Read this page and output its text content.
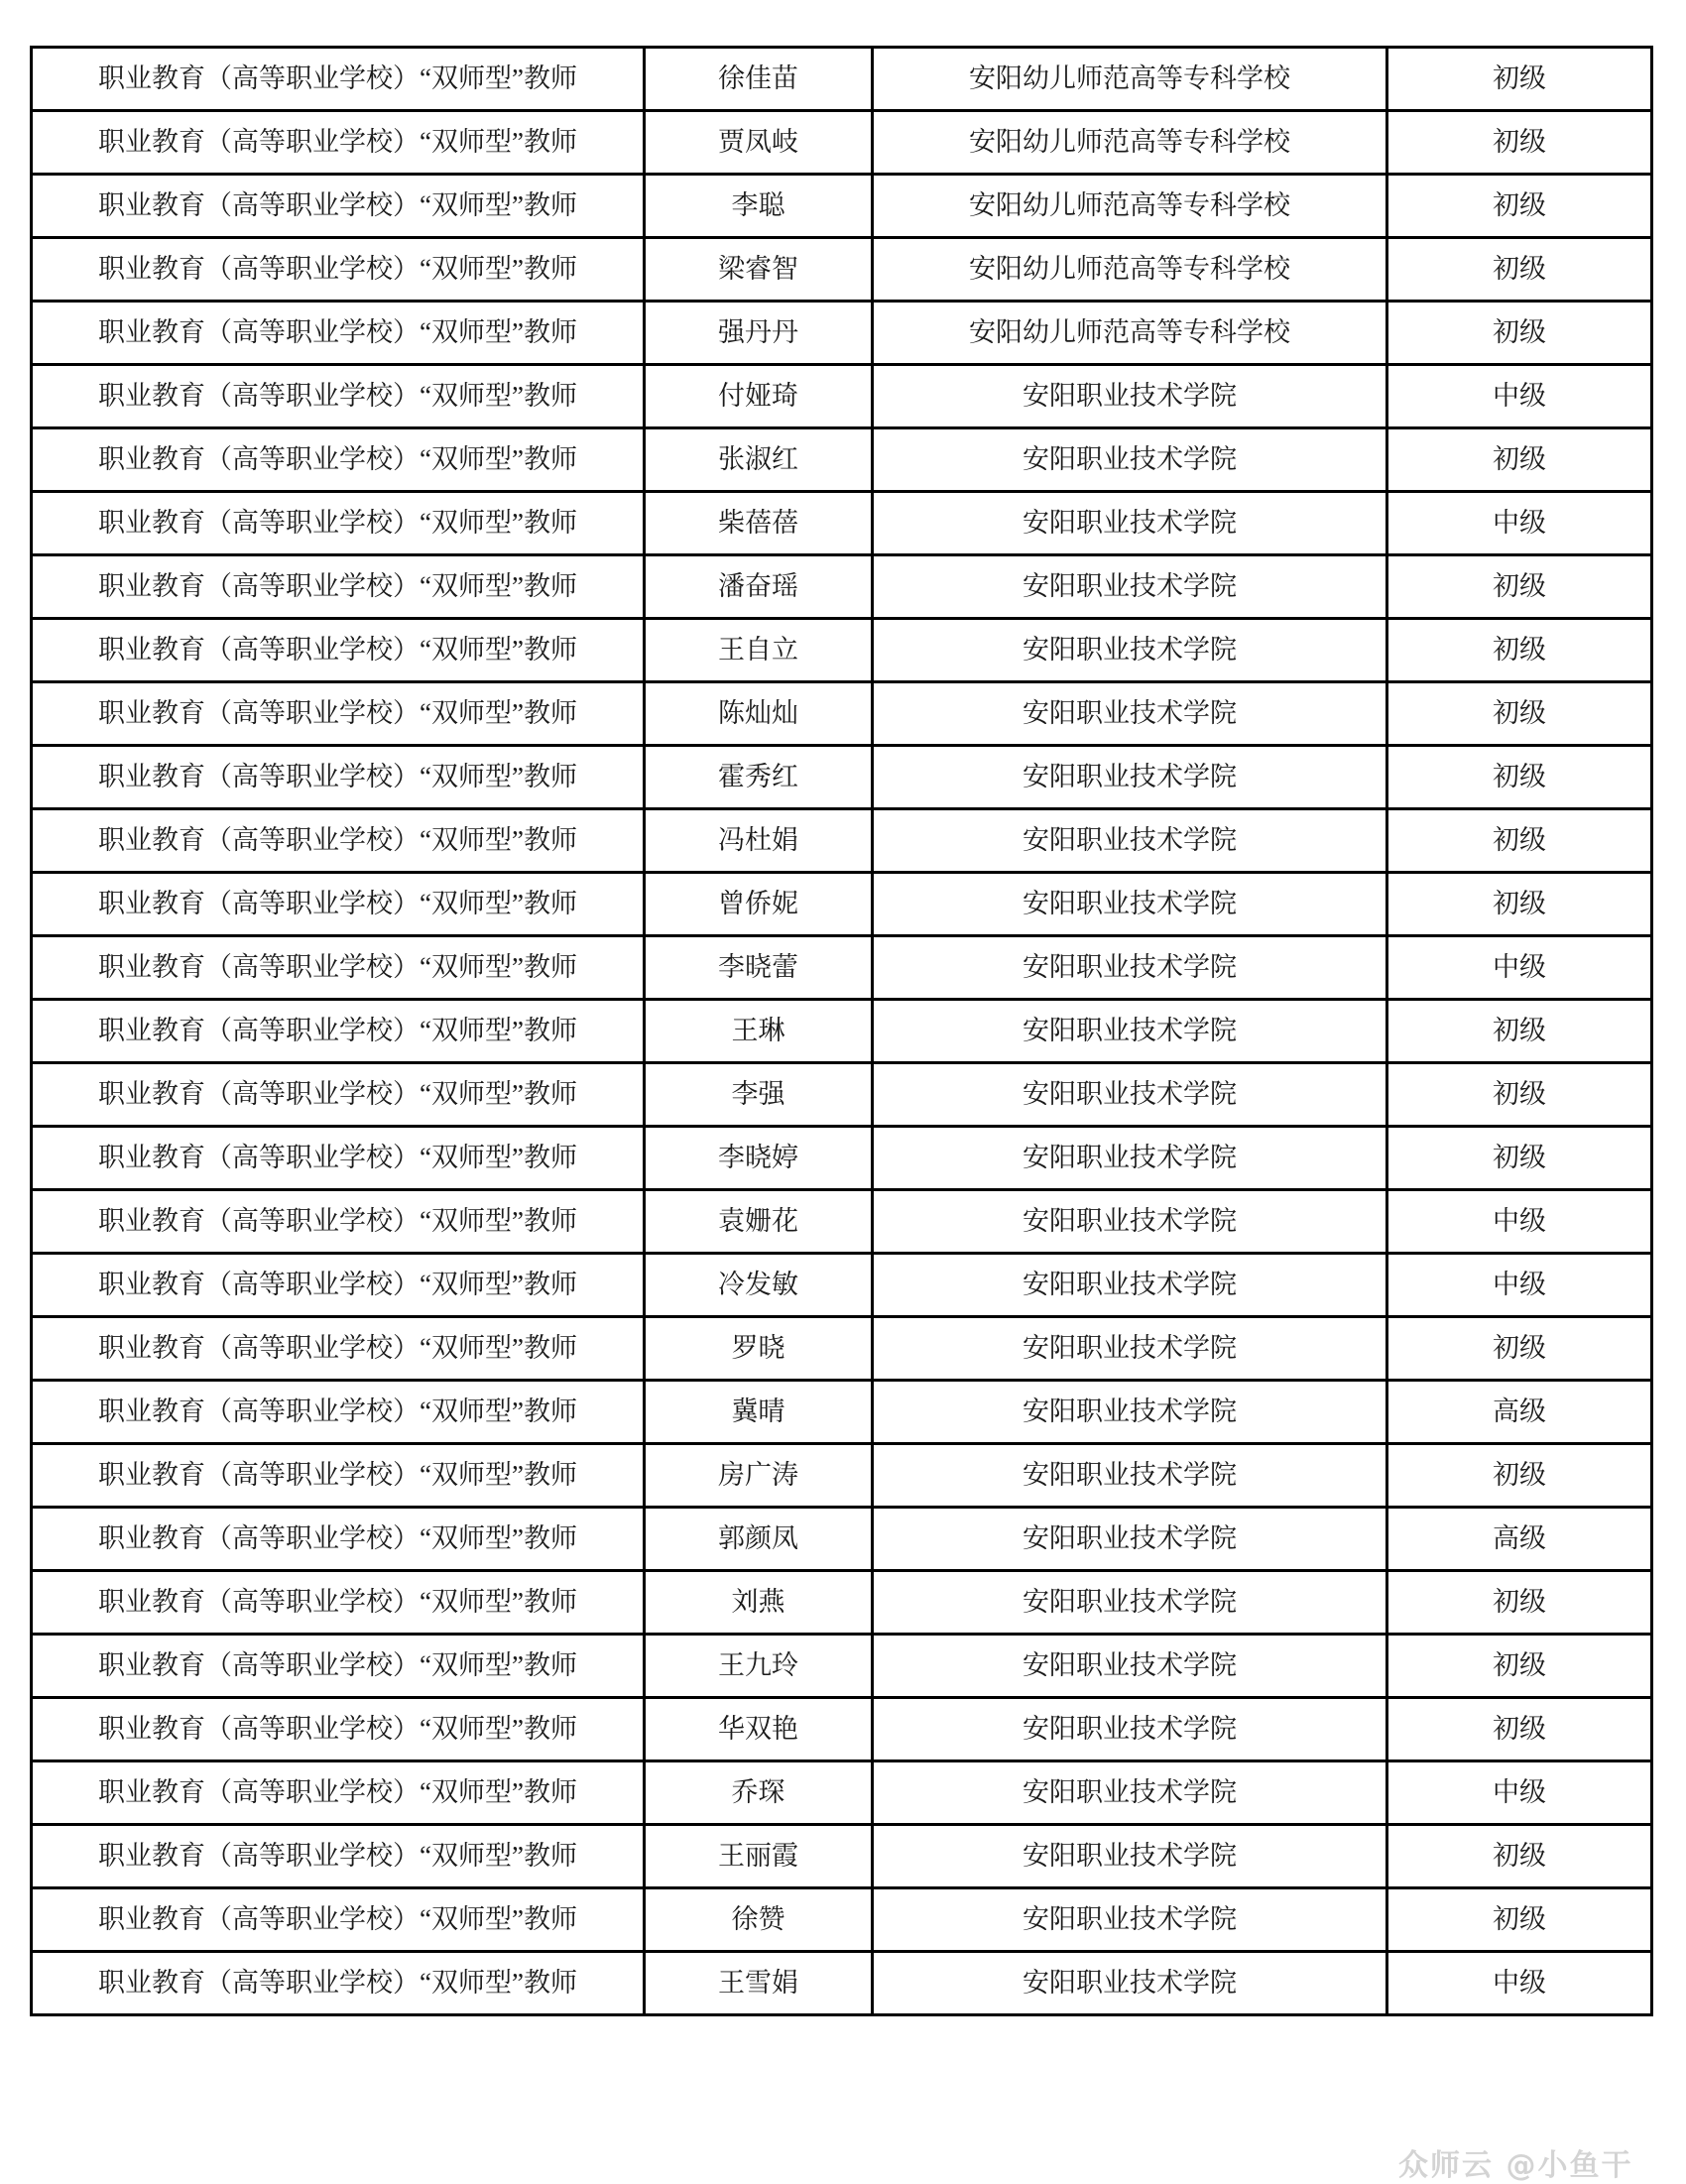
职业教育（高等职业学校）“双师型”教师	徐佳苗	安阳幼儿师范高等专科学校	初级
职业教育（高等职业学校）“双师型”教师	贾凤岐	安阳幼儿师范高等专科学校	初级
职业教育（高等职业学校）“双师型”教师	李聪	安阳幼儿师范高等专科学校	初级
职业教育（高等职业学校）“双师型”教师	梁睿智	安阳幼儿师范高等专科学校	初级
职业教育（高等职业学校）“双师型”教师	强丹丹	安阳幼儿师范高等专科学校	初级
职业教育（高等职业学校）“双师型”教师	付娅琦	安阳职业技术学院	中级
职业教育（高等职业学校）“双师型”教师	张淑红	安阳职业技术学院	初级
职业教育（高等职业学校）“双师型”教师	柴蓓蓓	安阳职业技术学院	中级
职业教育（高等职业学校）“双师型”教师	潘奋瑶	安阳职业技术学院	初级
职业教育（高等职业学校）“双师型”教师	王自立	安阳职业技术学院	初级
职业教育（高等职业学校）“双师型”教师	陈灿灿	安阳职业技术学院	初级
职业教育（高等职业学校）“双师型”教师	霍秀红	安阳职业技术学院	初级
职业教育（高等职业学校）“双师型”教师	冯杜娟	安阳职业技术学院	初级
职业教育（高等职业学校）“双师型”教师	曾侨妮	安阳职业技术学院	初级
职业教育（高等职业学校）“双师型”教师	李晓蕾	安阳职业技术学院	中级
职业教育（高等职业学校）“双师型”教师	王琳	安阳职业技术学院	初级
职业教育（高等职业学校）“双师型”教师	李强	安阳职业技术学院	初级
职业教育（高等职业学校）“双师型”教师	李晓婷	安阳职业技术学院	初级
职业教育（高等职业学校）“双师型”教师	袁姗花	安阳职业技术学院	中级
职业教育（高等职业学校）“双师型”教师	冷发敏	安阳职业技术学院	中级
职业教育（高等职业学校）“双师型”教师	罗晓	安阳职业技术学院	初级
职业教育（高等职业学校）“双师型”教师	冀晴	安阳职业技术学院	高级
职业教育（高等职业学校）“双师型”教师	房广涛	安阳职业技术学院	初级
职业教育（高等职业学校）“双师型”教师	郭颜凤	安阳职业技术学院	高级
职业教育（高等职业学校）“双师型”教师	刘燕	安阳职业技术学院	初级
职业教育（高等职业学校）“双师型”教师	王九玲	安阳职业技术学院	初级
职业教育（高等职业学校）“双师型”教师	华双艳	安阳职业技术学院	初级
职业教育（高等职业学校）“双师型”教师	乔琛	安阳职业技术学院	中级
职业教育（高等职业学校）“双师型”教师	王丽霞	安阳职业技术学院	初级
职业教育（高等职业学校）“双师型”教师	徐赞	安阳职业技术学院	初级
职业教育（高等职业学校）“双师型”教师	王雪娟	安阳职业技术学院	中级
众师云 @小鱼干
